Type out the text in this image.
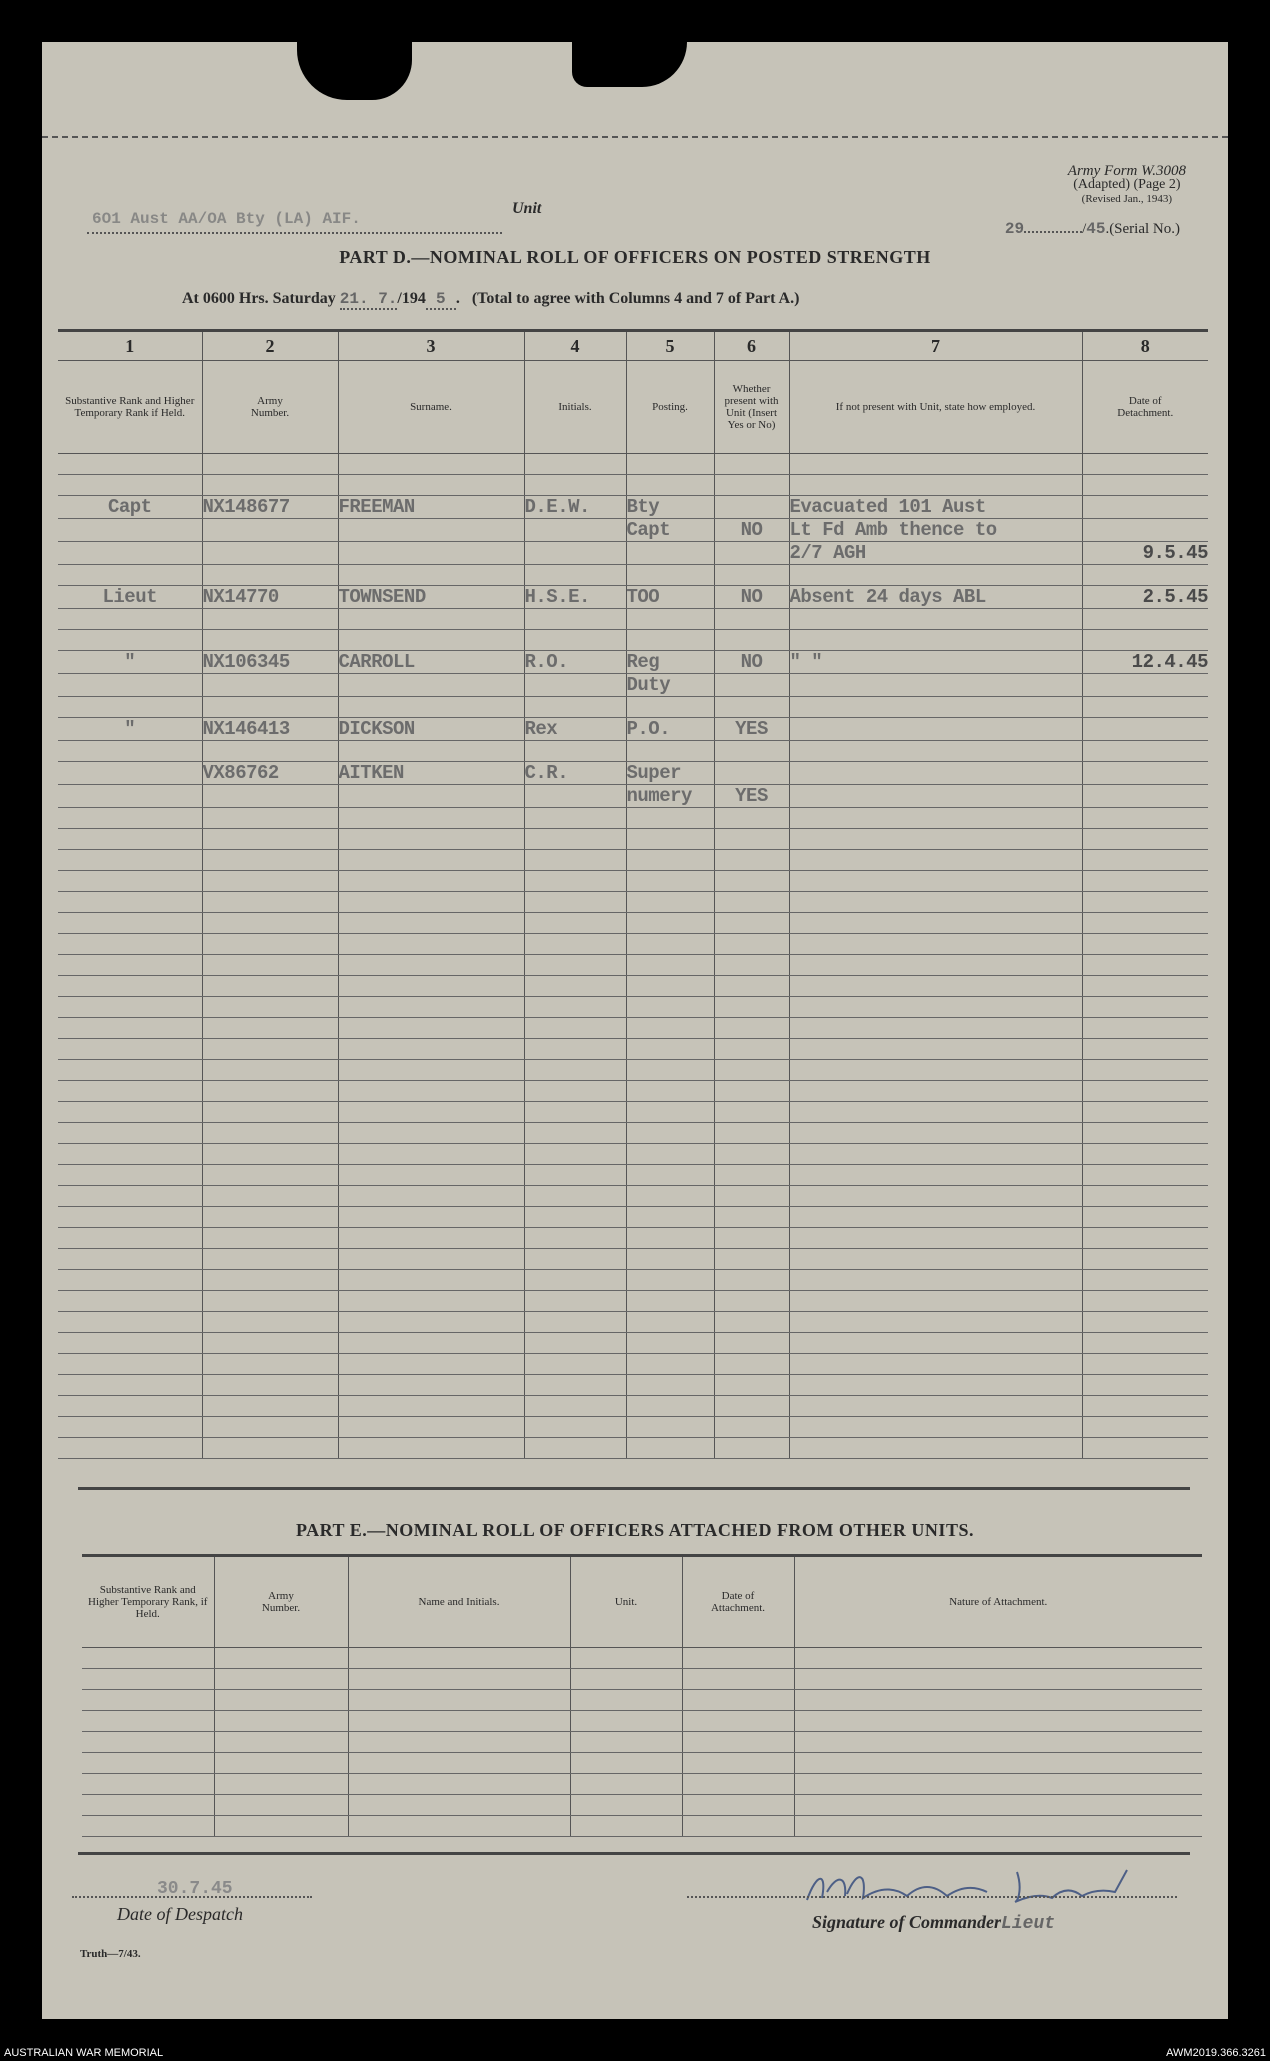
Army Form W.3008
(Adapted) (Page 2)
(Revised Jan., 1943)
6O1 Aust AA/OA Bty (LA) AIF.
Unit
29	/45.(Serial No.)
PART D.—NOMINAL ROLL OF OFFICERS ON POSTED STRENGTH
At 0600 Hrs. Saturday 21. 7./194 5 .   (Total to agree with Columns 4 and 7 of Part A.)
1	2	3	4	5	6	7	8
Substantive Rank and Higher Temporary Rank if Held.	Army Number.	Surname.	Initials.	Posting.	Whether present with Unit (Insert Yes or No)	If not present with Unit, state how employed.	Date of Detachment.

Capt	NX148677	FREEMAN	D.E.W.	Bty		Evacuated 101 Aust	
				Capt	NO	Lt Fd Amb thence to	
						2/7 AGH	9.5.45

Lieut	NX14770	TOWNSEND	H.S.E.	TOO	NO	Absent 24 days ABL	2.5.45

"	NX106345	CARROLL	R.O.	Reg	NO	" "	12.4.45
				Duty			

"	NX146413	DICKSON	Rex	P.O.	YES		

	VX86762	AITKEN	C.R.	Super			
				numery	YES		

PART E.—NOMINAL ROLL OF OFFICERS ATTACHED FROM OTHER UNITS.
Substantive Rank and Higher Temporary Rank, if Held.	Army Number.	Name and Initials.	Unit.	Date of Attachment.	Nature of Attachment.

30.7.45
Date of Despatch	Signature of CommanderLieut
Truth—7/43.
AUSTRALIAN WAR MEMORIAL	AWM2019.366.3261
